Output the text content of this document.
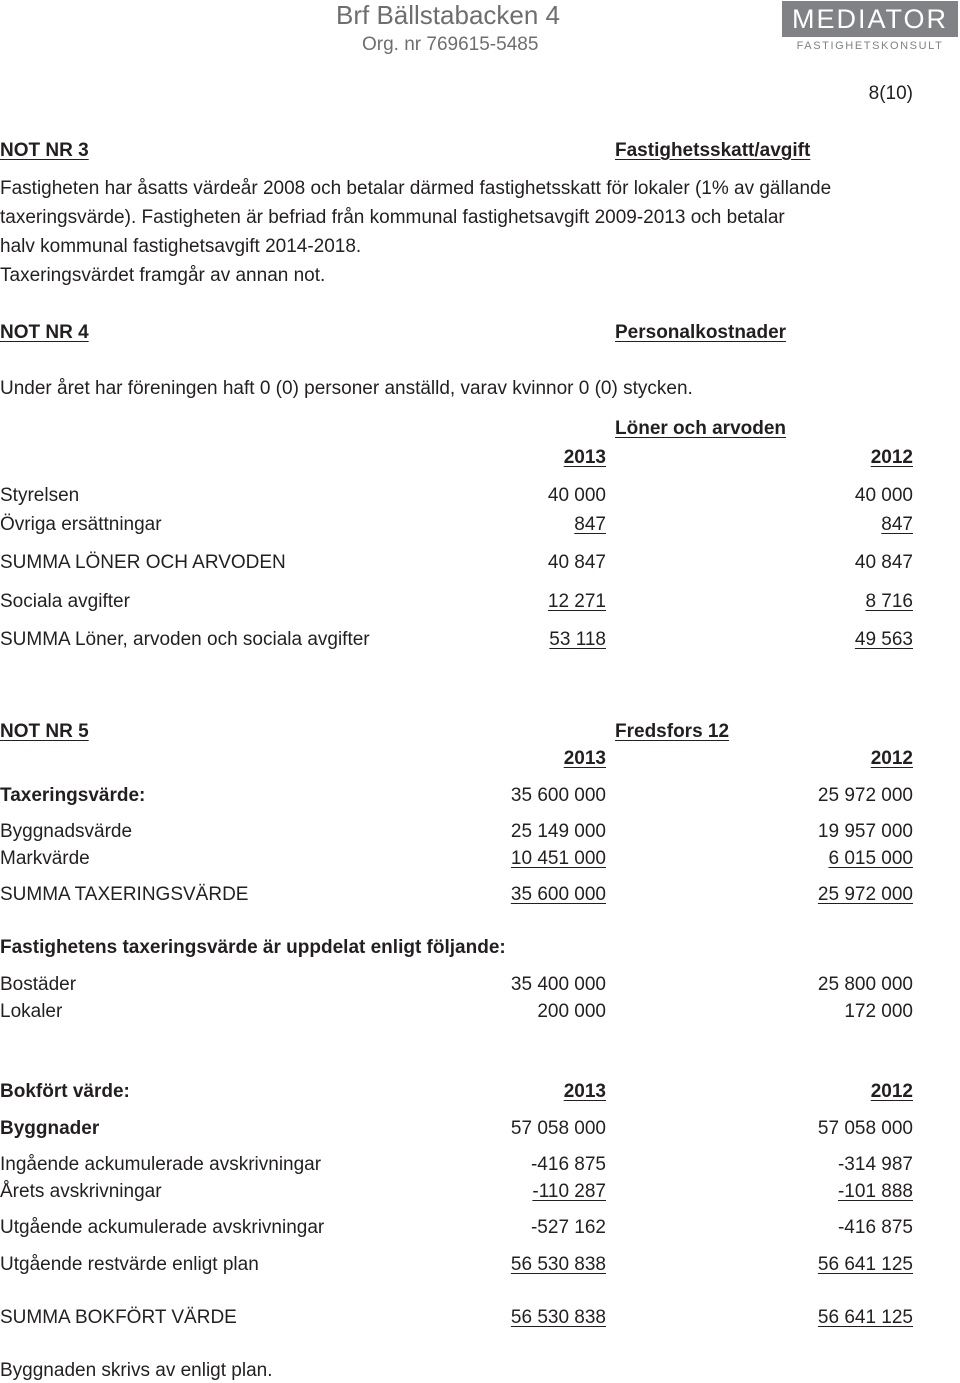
Brf Bällstabacken 4
Org. nr 769615-5485
MEDIATOR
FASTIGHETSKONSULT
8(10)
NOT NR 3	Fastighetsskatt/avgift
Fastigheten har åsatts värdeår 2008 och betalar därmed fastighetsskatt för lokaler (1% av gällande
taxeringsvärde). Fastigheten är befriad från kommunal fastighetsavgift 2009-2013 och betalar
halv kommunal fastighetsavgift 2014-2018.
Taxeringsvärdet framgår av annan not.
NOT NR 4	Personalkostnader
Under året har föreningen haft 0 (0) personer anställd, varav kvinnor 0 (0) stycken.
Löner och arvoden
2013	2012
Styrelsen	40 000	40 000
Övriga ersättningar	847	847
SUMMA LÖNER OCH ARVODEN	40 847	40 847
Sociala avgifter	12 271	8 716
SUMMA Löner, arvoden och sociala avgifter	53 118	49 563
NOT NR 5	Fredsfors 12
2013	2012
Taxeringsvärde:	35 600 000	25 972 000
Byggnadsvärde	25 149 000	19 957 000
Markvärde	10 451 000	6 015 000
SUMMA TAXERINGSVÄRDE	35 600 000	25 972 000
Fastighetens taxeringsvärde är uppdelat enligt följande:
Bostäder	35 400 000	25 800 000
Lokaler	200 000	172 000
Bokfört värde:	2013	2012
Byggnader	57 058 000	57 058 000
Ingående ackumulerade avskrivningar	-416 875	-314 987
Årets avskrivningar	-110 287	-101 888
Utgående ackumulerade avskrivningar	-527 162	-416 875
Utgående restvärde enligt plan	56 530 838	56 641 125
SUMMA BOKFÖRT VÄRDE	56 530 838	56 641 125
Byggnaden skrivs av enligt plan.
